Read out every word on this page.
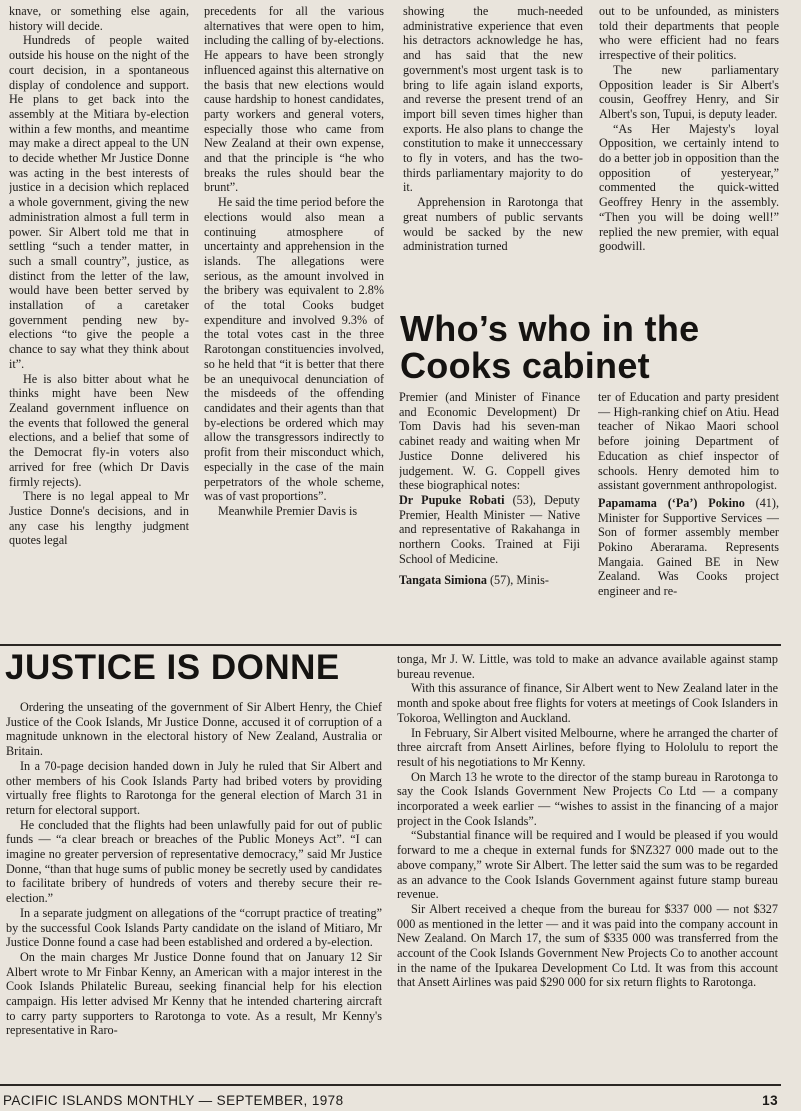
knave, or something else again, history will decide.

Hundreds of people waited outside his house on the night of the court decision, in a spontaneous display of condolence and support. He plans to get back into the assembly at the Mitiara by-election within a few months, and meantime may make a direct appeal to the UN to decide whether Mr Justice Donne was acting in the best interests of justice in a decision which replaced a whole government, giving the new administration almost a full term in power. Sir Albert told me that in settling “such a tender matter, in such a small country”, justice, as distinct from the letter of the law, would have been better served by installation of a caretaker government pending new by-elections “to give the people a chance to say what they think about it”.

He is also bitter about what he thinks might have been New Zealand government influence on the events that followed the general elections, and a belief that some of the Democrat fly-in voters also arrived for free (which Dr Davis firmly rejects).

There is no legal appeal to Mr Justice Donne's decisions, and in any case his lengthy judgment quotes legal

precedents for all the various alternatives that were open to him, including the calling of by-elections. He appears to have been strongly influenced against this alternative on the basis that new elections would cause hardship to honest candidates, party workers and general voters, especially those who came from New Zealand at their own expense, and that the principle is “he who breaks the rules should bear the brunt”.

He said the time period before the elections would also mean a continuing atmosphere of uncertainty and apprehension in the islands. The allegations were serious, as the amount involved in the bribery was equivalent to 2.8% of the total Cooks budget expenditure and involved 9.3% of the total votes cast in the three Rarotongan constituencies involved, so he held that “it is better that there be an unequivocal denunciation of the misdeeds of the offending candidates and their agents than that by-elections be ordered which may allow the transgressors indirectly to profit from their misconduct which, especially in the case of the main perpetrators of the whole scheme, was of vast proportions”.

Meanwhile Premier Davis is

showing the much-needed administrative experience that even his detractors acknowledge he has, and has said that the new government's most urgent task is to bring to life again island exports, and reverse the present trend of an import bill seven times higher than exports. He also plans to change the constitution to make it unneccessary to fly in voters, and has the two-thirds parliamentary majority to do it.

Apprehension in Rarotonga that great numbers of public servants would be sacked by the new administration turned

out to be unfounded, as ministers told their departments that people who were efficient had no fears irrespective of their politics.

The new parliamentary Opposition leader is Sir Albert's cousin, Geoffrey Henry, and Sir Albert's son, Tupui, is deputy leader.

“As Her Majesty's loyal Opposition, we certainly intend to do a better job in opposition than the opposition of yesteryear,” commented the quick-witted Geoffrey Henry in the assembly. “Then you will be doing well!” replied the new premier, with equal goodwill.

Who’s who in the
Cooks cabinet

Premier (and Minister of Finance and Economic Development) Dr Tom Davis had his seven-man cabinet ready and waiting when Mr Justice Donne delivered his judgement. W. G. Coppell gives these biographical notes:

Dr Pupuke Robati (53), Deputy Premier, Health Minister — Native and representative of Rakahanga in northern Cooks. Trained at Fiji School of Medicine.

Tangata Simiona (57), Minis-

ter of Education and party president — High-ranking chief on Atiu. Head teacher of Nikao Maori school before joining Department of Education as chief inspector of schools. Henry demoted him to assistant government anthropologist.

Papamama (‘Pa’) Pokino (41), Minister for Supportive Services — Son of former assembly member Pokino Aberarama. Represents Mangaia. Gained BE in New Zealand. Was Cooks project engineer and re-

JUSTICE IS DONNE

Ordering the unseating of the government of Sir Albert Henry, the Chief Justice of the Cook Islands, Mr Justice Donne, accused it of corruption of a magnitude unknown in the electoral history of New Zealand, Australia or Britain.

In a 70-page decision handed down in July he ruled that Sir Albert and other members of his Cook Islands Party had bribed voters by providing virtually free flights to Rarotonga for the general election of March 31 in return for electoral support.

He concluded that the flights had been unlawfully paid for out of public funds — “a clear breach or breaches of the Public Moneys Act”. “I can imagine no greater perversion of representative democracy,” said Mr Justice Donne, “than that huge sums of public money be secretly used by candidates to facilitate bribery of hundreds of voters and thereby secure their re-election.”

In a separate judgment on allegations of the “corrupt practice of treating” by the successful Cook Islands Party candidate on the island of Mitiaro, Mr Justice Donne found a case had been established and ordered a by-election.

On the main charges Mr Justice Donne found that on January 12 Sir Albert wrote to Mr Finbar Kenny, an American with a major interest in the Cook Islands Philatelic Bureau, seeking financial help for his election campaign. His letter advised Mr Kenny that he intended chartering aircraft to carry party supporters to Rarotonga to vote. As a result, Mr Kenny's representative in Raro-

tonga, Mr J. W. Little, was told to make an advance available against stamp bureau revenue.

With this assurance of finance, Sir Albert went to New Zealand later in the month and spoke about free flights for voters at meetings of Cook Islanders in Tokoroa, Wellington and Auckland.

In February, Sir Albert visited Melbourne, where he arranged the charter of three aircraft from Ansett Airlines, before flying to Hololulu to report the result of his negotiations to Mr Kenny.

On March 13 he wrote to the director of the stamp bureau in Rarotonga to say the Cook Islands Government New Projects Co Ltd — a company incorporated a week earlier — “wishes to assist in the financing of a major project in the Cook Islands”.

“Substantial finance will be required and I would be pleased if you would forward to me a cheque in external funds for $NZ327 000 made out to the above company,” wrote Sir Albert. The letter said the sum was to be regarded as an advance to the Cook Islands Government against future stamp bureau revenue.

Sir Albert received a cheque from the bureau for $337 000 — not $327 000 as mentioned in the letter — and it was paid into the company account in New Zealand. On March 17, the sum of $335 000 was transferred from the account of the Cook Islands Government New Projects Co to another account in the name of the Ipukarea Development Co Ltd. It was from this account that Ansett Airlines was paid $290 000 for six return flights to Rarotonga.

PACIFIC ISLANDS MONTHLY — SEPTEMBER, 1978	13
